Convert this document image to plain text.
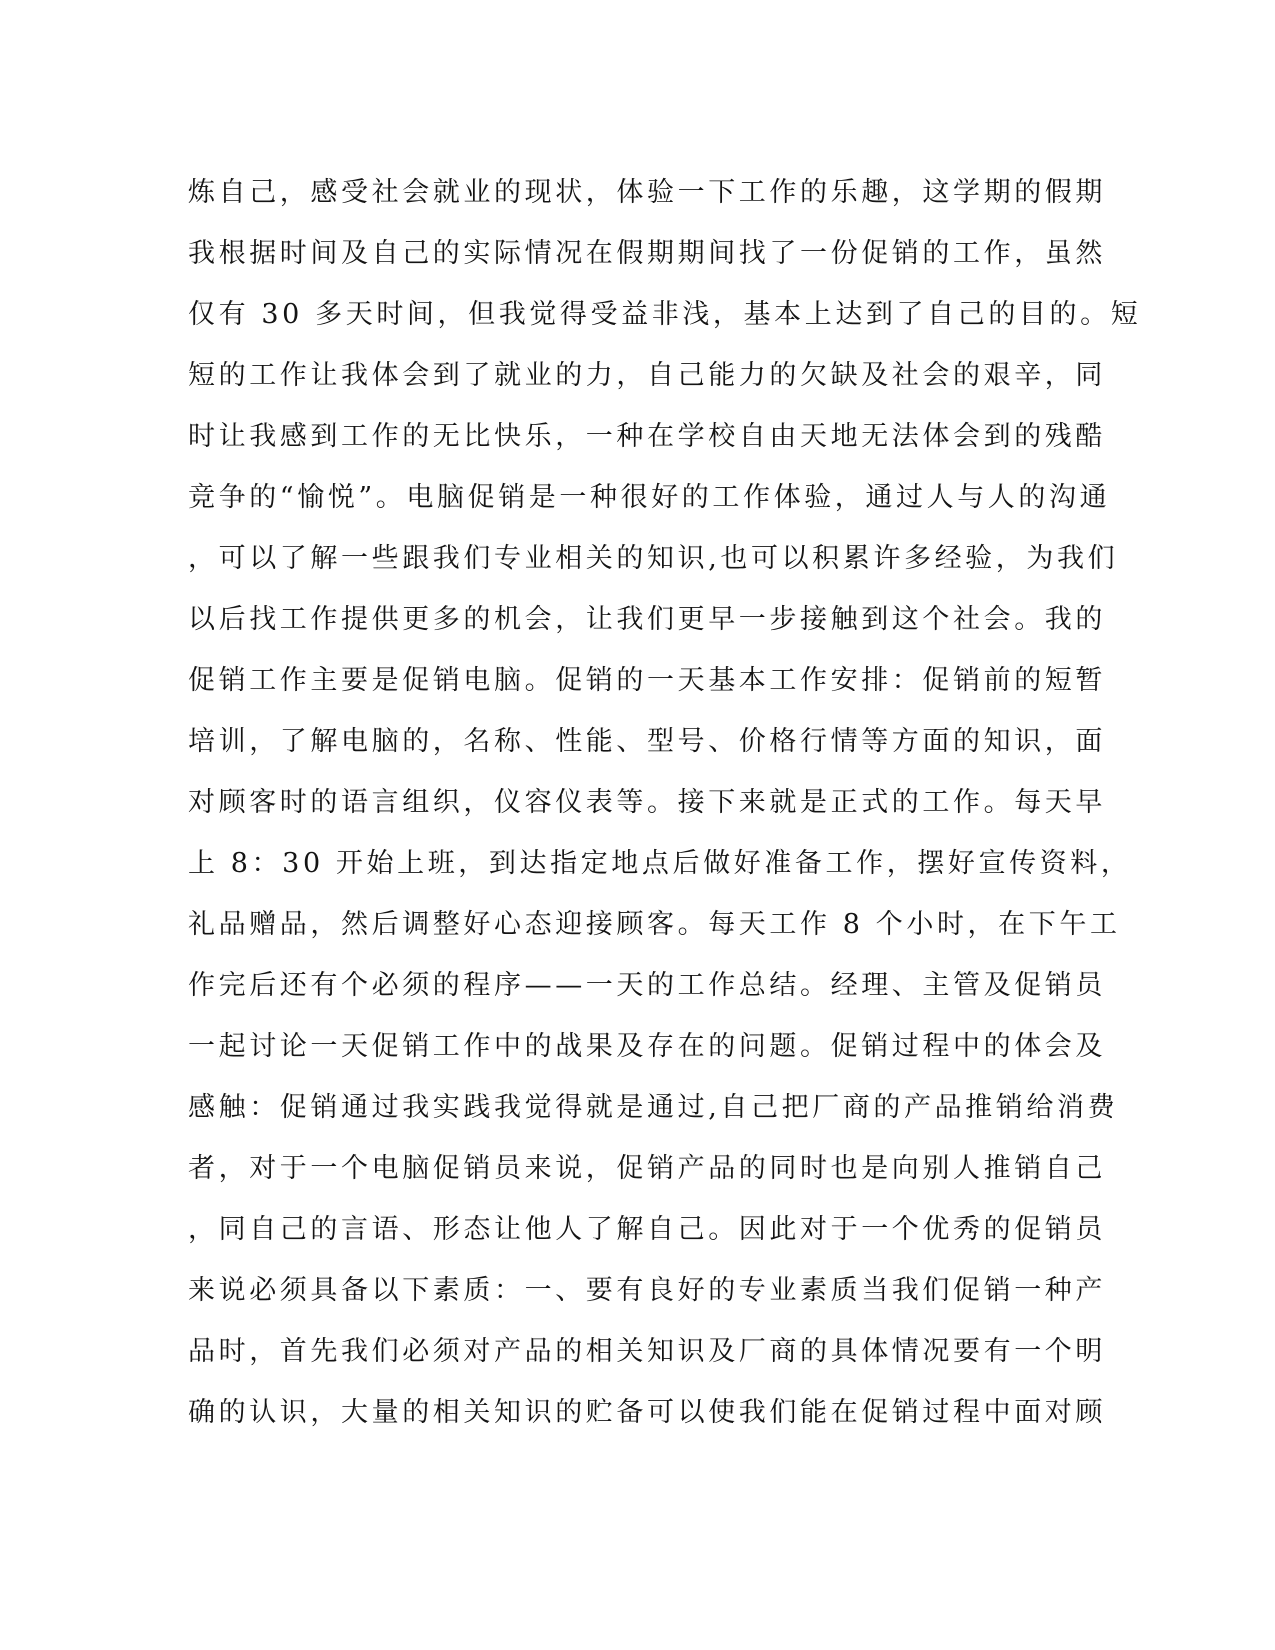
炼自己，感受社会就业的现状，体验一下工作的乐趣，这学期的假期
我根据时间及自己的实际情况在假期期间找了一份促销的工作，虽然
仅有 30 多天时间，但我觉得受益非浅，基本上达到了自己的目的。短
短的工作让我体会到了就业的力，自己能力的欠缺及社会的艰辛，同
时让我感到工作的无比快乐，一种在学校自由天地无法体会到的残酷
竞争的“愉悦”。电脑促销是一种很好的工作体验，通过人与人的沟通
，可以了解一些跟我们专业相关的知识,也可以积累许多经验，为我们
以后找工作提供更多的机会，让我们更早一步接触到这个社会。我的
促销工作主要是促销电脑。促销的一天基本工作安排：促销前的短暂
培训，了解电脑的，名称、性能、型号、价格行情等方面的知识，面
对顾客时的语言组织，仪容仪表等。接下来就是正式的工作。每天早
上 8：30 开始上班，到达指定地点后做好准备工作，摆好宣传资料，
礼品赠品，然后调整好心态迎接顾客。每天工作 8 个小时，在下午工
作完后还有个必须的程序——一天的工作总结。经理、主管及促销员
一起讨论一天促销工作中的战果及存在的问题。促销过程中的体会及
感触：促销通过我实践我觉得就是通过,自己把厂商的产品推销给消费
者，对于一个电脑促销员来说，促销产品的同时也是向别人推销自己
，同自己的言语、形态让他人了解自己。因此对于一个优秀的促销员
来说必须具备以下素质：一、要有良好的专业素质当我们促销一种产
品时，首先我们必须对产品的相关知识及厂商的具体情况要有一个明
确的认识，大量的相关知识的贮备可以使我们能在促销过程中面对顾
